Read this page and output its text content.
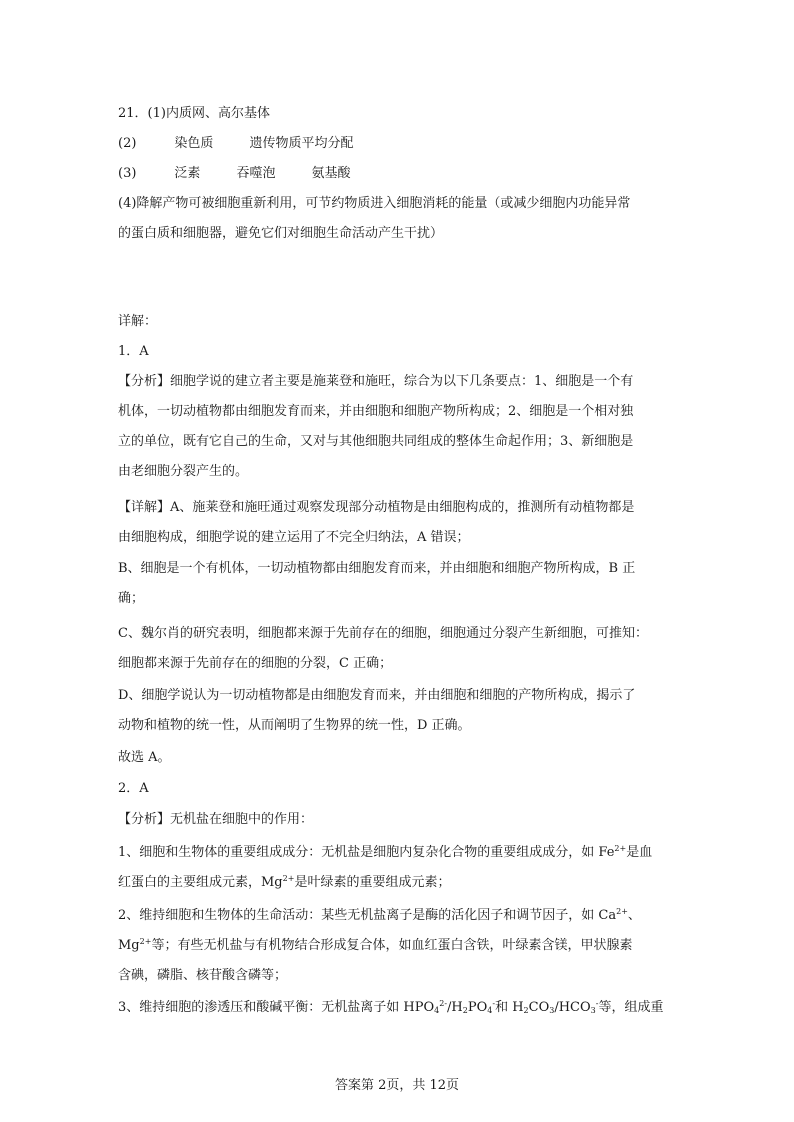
21．(1)内质网、高尔基体
(2)	染色质	遗传物质平均分配
(3)	泛素	吞噬泡	氨基酸
(4)降解产物可被细胞重新利用，可节约物质进入细胞消耗的能量（或减少细胞内功能异常
的蛋白质和细胞器，避免它们对细胞生命活动产生干扰）
详解：
1．A
【分析】细胞学说的建立者主要是施莱登和施旺，综合为以下几条要点：1、细胞是一个有
机体，一切动植物都由细胞发育而来，并由细胞和细胞产物所构成；2、细胞是一个相对独
立的单位，既有它自己的生命，又对与其他细胞共同组成的整体生命起作用；3、新细胞是
由老细胞分裂产生的。
【详解】A、施莱登和施旺通过观察发现部分动植物是由细胞构成的，推测所有动植物都是
由细胞构成，细胞学说的建立运用了不完全归纳法，A 错误；
B、细胞是一个有机体，一切动植物都由细胞发育而来，并由细胞和细胞产物所构成，B 正
确；
C、魏尔肖的研究表明，细胞都来源于先前存在的细胞，细胞通过分裂产生新细胞，可推知：
细胞都来源于先前存在的细胞的分裂，C 正确；
D、细胞学说认为一切动植物都是由细胞发育而来，并由细胞和细胞的产物所构成，揭示了
动物和植物的统一性，从而阐明了生物界的统一性，D 正确。
故选 A。
2．A
【分析】无机盐在细胞中的作用：
1、细胞和生物体的重要组成成分：无机盐是细胞内复杂化合物的重要组成成分，如 $Fe^{2+}$是血
红蛋白的主要组成元素，$Mg^{2+}$是叶绿素的重要组成元素；
2、维持细胞和生物体的生命活动：某些无机盐离子是酶的活化因子和调节因子，如 $Ca^{2+}$、
$Mg^{2+}$等；有些无机盐与有机物结合形成复合体，如血红蛋白含铁，叶绿素含镁，甲状腺素
含碘，磷脂、核苷酸含磷等；
3、维持细胞的渗透压和酸碱平衡：无机盐离子如 $HPO_4^{2-}/H_2PO_4^-$和 $H_2CO_3/HCO_3^-$等，组成重
答案第 2页，共 12页
